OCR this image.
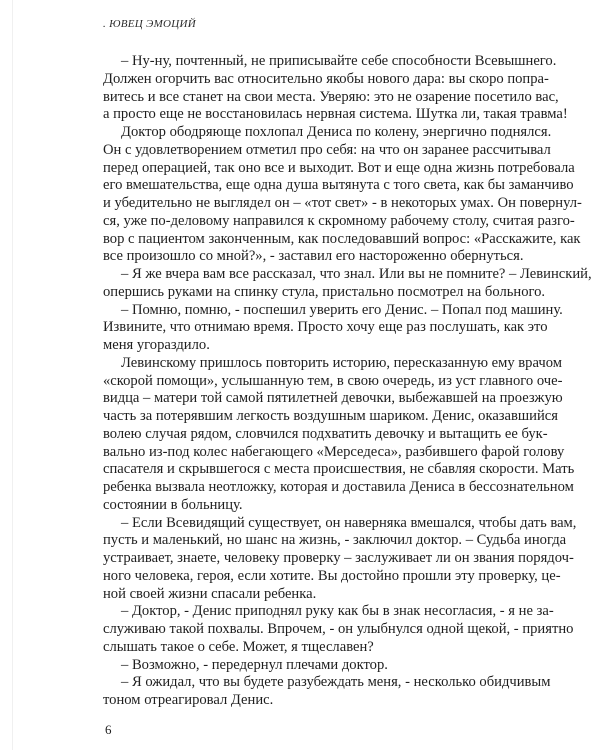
. ЮВЕЦ ЭМОЦИЙ
– Ну-ну, почтенный, не приписывайте себе способности Всевышнего.
Должен огорчить вас относительно якобы нового дара: вы скоро попра-
витесь и все станет на свои места. Уверяю: это не озарение посетило вас,
а просто еще не восстановилась нервная система. Шутка ли, такая травма!
Доктор ободряюще похлопал Дениса по колену, энергично поднялся.
Он с удовлетворением отметил про себя: на что он заранее рассчитывал
перед операцией, так оно все и выходит. Вот и еще одна жизнь потребовала
его вмешательства, еще одна душа вытянута с того света, как бы заманчиво
и убедительно не выглядел он – «тот свет» - в некоторых умах. Он повернул-
ся, уже по-деловому направился к скромному рабочему столу, считая разго-
вор с пациентом законченным, как последовавший вопрос: «Расскажите, как
все произошло со мной?», - заставил его настороженно обернуться.
– Я же вчера вам все рассказал, что знал. Или вы не помните? – Левинский,
опершись руками на спинку стула, пристально посмотрел на больного.
– Помню, помню, - поспешил уверить его Денис. – Попал под машину.
Извините, что отнимаю время. Просто хочу еще раз послушать, как это
меня угораздило.
Левинскому пришлось повторить историю, пересказанную ему врачом
«скорой помощи», услышанную тем, в свою очередь, из уст главного оче-
видца – матери той самой пятилетней девочки, выбежавшей на проезжую
часть за потерявшим легкость воздушным шариком. Денис, оказавшийся
волею случая рядом, словчился подхватить девочку и вытащить ее бук-
вально из-под колес набегающего «Мерседеса», разбившего фарой голову
спасателя и скрывшегося с места происшествия, не сбавляя скорости. Мать
ребенка вызвала неотложку, которая и доставила Дениса в бессознательном
состоянии в больницу.
– Если Всевидящий существует, он наверняка вмешался, чтобы дать вам,
пусть и маленький, но шанс на жизнь, - заключил доктор. – Судьба иногда
устраивает, знаете, человеку проверку – заслуживает ли он звания порядоч-
ного человека, героя, если хотите. Вы достойно прошли эту проверку, це-
ной своей жизни спасали ребенка.
– Доктор, - Денис приподнял руку как бы в знак несогласия, - я не за-
служиваю такой похвалы. Впрочем, - он улыбнулся одной щекой, - приятно
слышать такое о себе. Может, я тщеславен?
– Возможно, - передернул плечами доктор.
– Я ожидал, что вы будете разубеждать меня, - несколько обидчивым
тоном отреагировал Денис.
6
